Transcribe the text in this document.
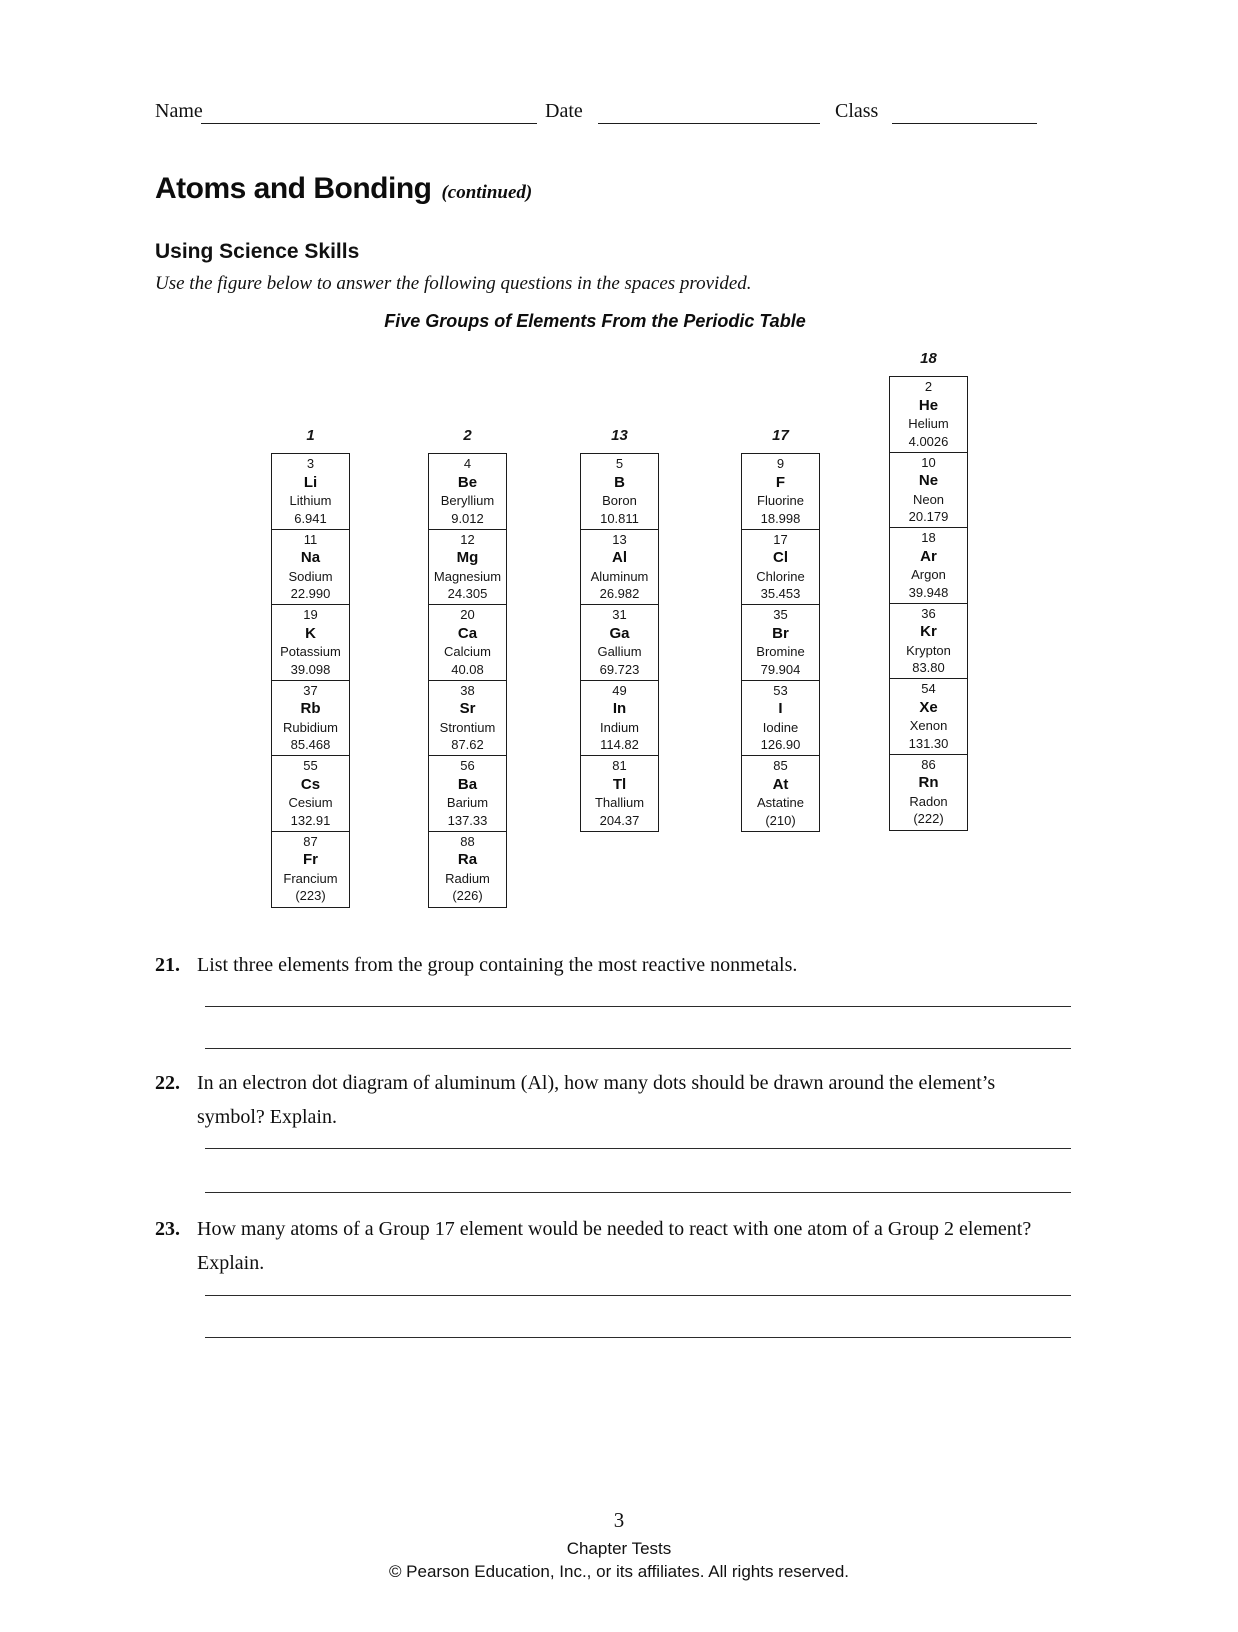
Name	Date	Class
Atoms and Bonding (continued)
Using Science Skills
Use the figure below to answer the following questions in the spaces provided.
Five Groups of Elements From the Periodic Table
1
3
Li
Lithium
6.941
11
Na
Sodium
22.990
19
K
Potassium
39.098
37
Rb
Rubidium
85.468
55
Cs
Cesium
132.91
87
Fr
Francium
(223)
2
4
Be
Beryllium
9.012
12
Mg
Magnesium
24.305
20
Ca
Calcium
40.08
38
Sr
Strontium
87.62
56
Ba
Barium
137.33
88
Ra
Radium
(226)
13
5
B
Boron
10.811
13
Al
Aluminum
26.982
31
Ga
Gallium
69.723
49
In
Indium
114.82
81
Tl
Thallium
204.37
17
9
F
Fluorine
18.998
17
Cl
Chlorine
35.453
35
Br
Bromine
79.904
53
I
Iodine
126.90
85
At
Astatine
(210)
18
2
He
Helium
4.0026
10
Ne
Neon
20.179
18
Ar
Argon
39.948
36
Kr
Krypton
83.80
54
Xe
Xenon
131.30
86
Rn
Radon
(222)
21. List three elements from the group containing the most reactive nonmetals.
22. In an electron dot diagram of aluminum (Al), how many dots should be drawn around the element’s symbol? Explain.
23. How many atoms of a Group 17 element would be needed to react with one atom of a Group 2 element? Explain.
3
Chapter Tests
© Pearson Education, Inc., or its affiliates. All rights reserved.
